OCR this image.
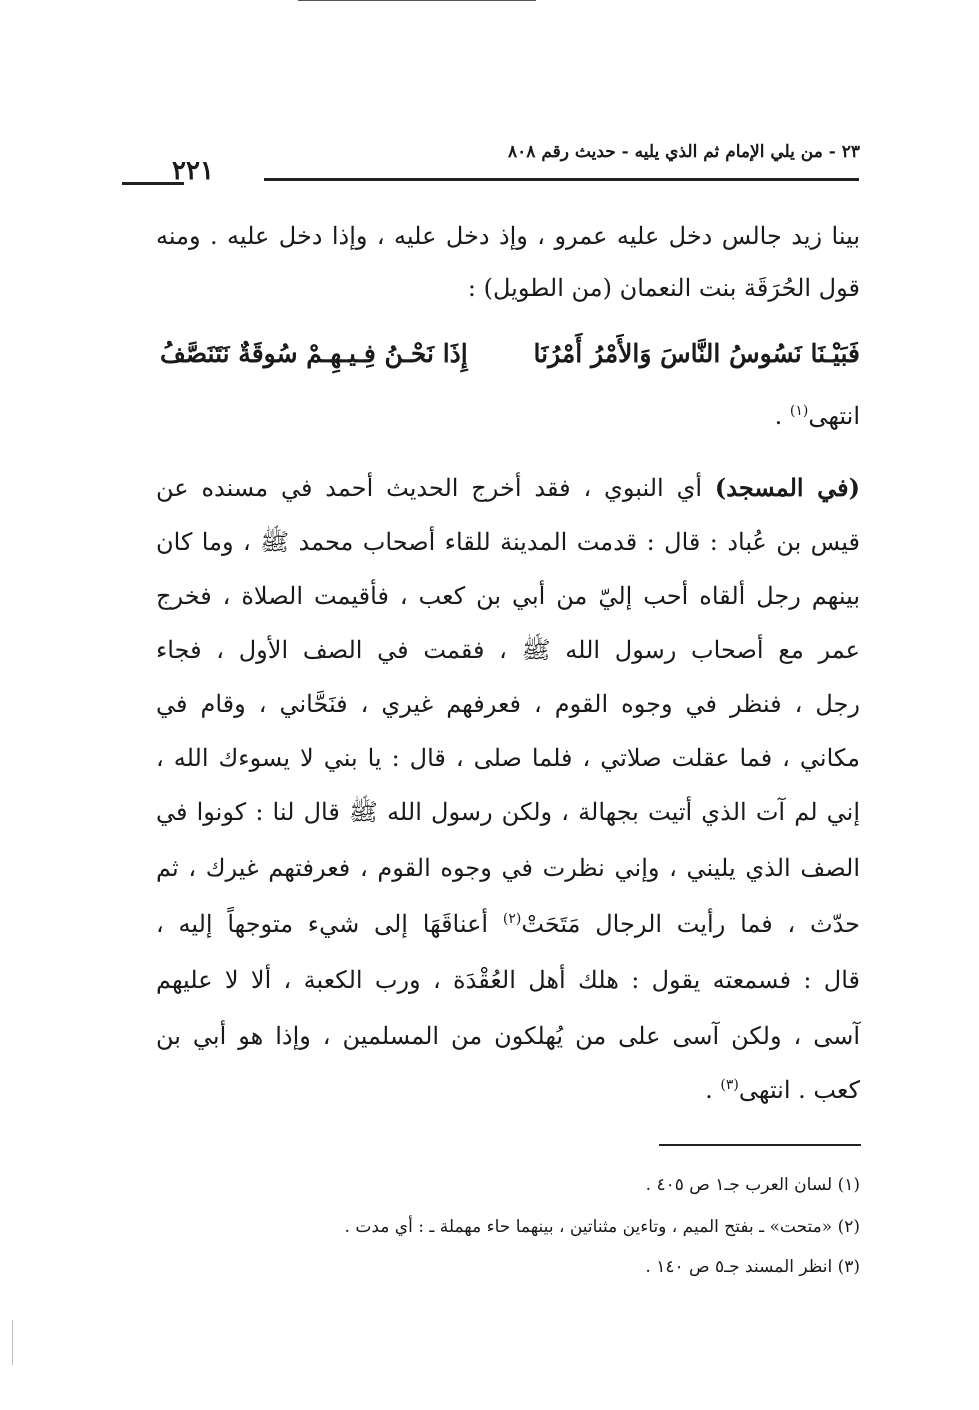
٢٣ - من يلي الإمام ثم الذي يليه - حديث رقم ٨٠٨
٢٢١
بينا زيد جالس دخل عليه عمرو ، وإذ دخل عليه ، وإذا دخل عليه . ومنه
قول الحُرَقَة بنت النعمان (من الطويل) :
فَبَيْـنَا نَسُوسُ النَّاسَ وَالأَمْرُ أَمْرُنَا
إِذَا نَحْـنُ فِـيـهِـمْ سُوقَةٌ نَتَنَصَّفُ
انتهى$^{(١)}$ .
(في المسجد) أي النبوي ، فقد أخرج الحديث أحمد في مسنده عن
قيس بن عُباد : قال : قدمت المدينة للقاء أصحاب محمد ﷺ ، وما كان
بينهم رجل ألقاه أحب إليّ من أبي بن كعب ، فأقيمت الصلاة ، فخرج
عمر مع أصحاب رسول الله ﷺ ، فقمت في الصف الأول ، فجاء
رجل ، فنظر في وجوه القوم ، فعرفهم غيري ، فنَحَّاني ، وقام في
مكاني ، فما عقلت صلاتي ، فلما صلى ، قال : يا بني لا يسوءك الله ،
إني لم آت الذي أتيت بجهالة ، ولكن رسول الله ﷺ قال لنا : كونوا في
الصف الذي يليني ، وإني نظرت في وجوه القوم ، فعرفتهم غيرك ، ثم
حدّث ، فما رأيت الرجال مَتَحَتْ$^{(٢)}$ أعناقَهَا إلى شيء متوجهاً إليه ،
قال : فسمعته يقول : هلك أهل العُقْدَة ، ورب الكعبة ، ألا لا عليهم
آسى ، ولكن آسى على من يُهلكون من المسلمين ، وإذا هو أبي بن
كعب . انتهى$^{(٣)}$ .
(١) لسان العرب جـ١ ص ٤٠٥ .
(٢) «متحت» ـ بفتح الميم ، وتاءين مثناتين ، بينهما حاء مهملة ـ : أي مدت .
(٣) انظر المسند جـ٥ ص ١٤٠ .
